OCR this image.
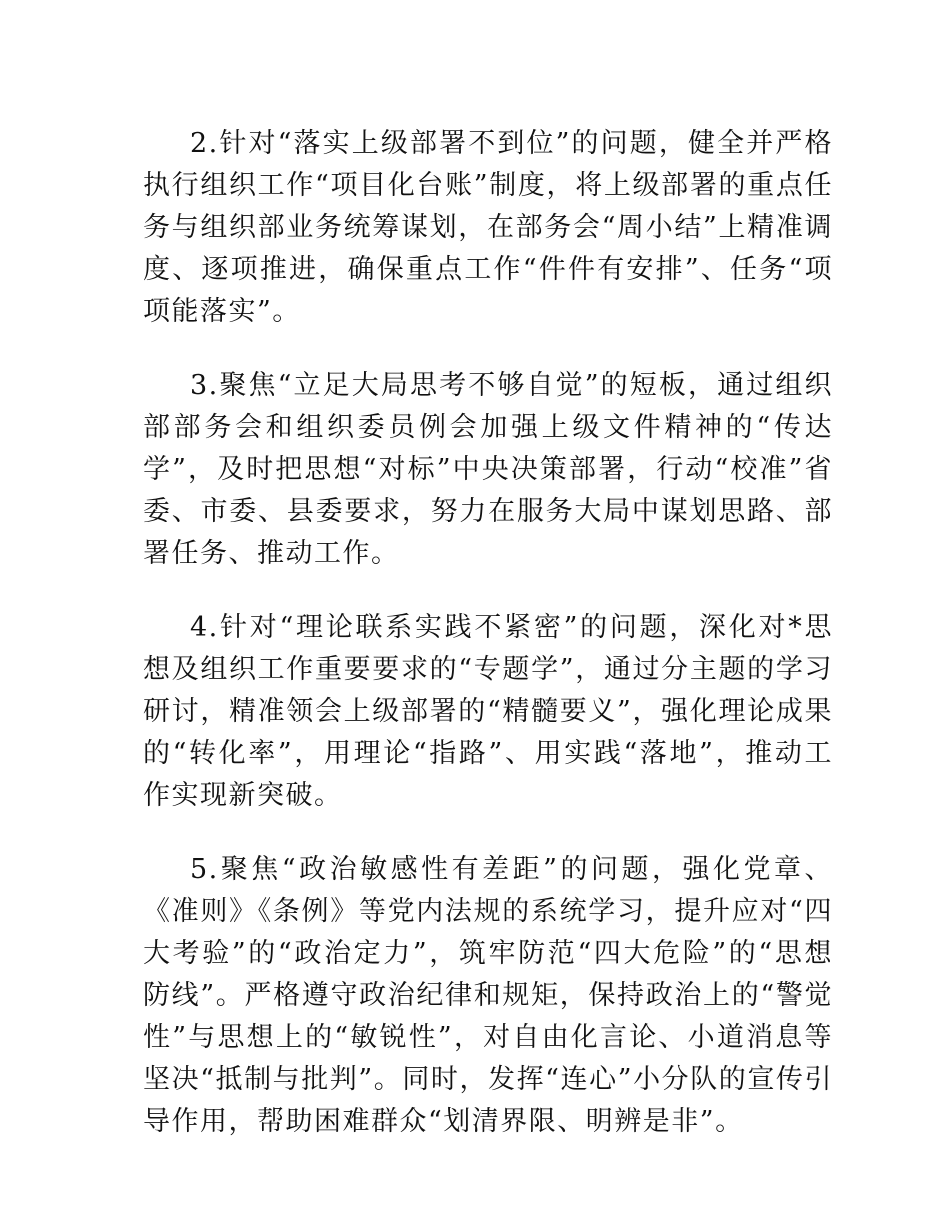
2.针对“落实上级部署不到位”的问题，健全并严格执行组织工作“项目化台账”制度，将上级部署的重点任务与组织部业务统筹谋划，在部务会“周小结”上精准调度、逐项推进，确保重点工作“件件有安排”、任务“项项能落实”。

3.聚焦“立足大局思考不够自觉”的短板，通过组织部部务会和组织委员例会加强上级文件精神的“传达学”，及时把思想“对标”中央决策部署，行动“校准”省委、市委、县委要求，努力在服务大局中谋划思路、部署任务、推动工作。

4.针对“理论联系实践不紧密”的问题，深化对*思想及组织工作重要要求的“专题学”，通过分主题的学习研讨，精准领会上级部署的“精髓要义”，强化理论成果的“转化率”，用理论“指路”、用实践“落地”，推动工作实现新突破。

5.聚焦“政治敏感性有差距”的问题，强化党章、《准则》《条例》等党内法规的系统学习，提升应对“四大考验”的“政治定力”，筑牢防范“四大危险”的“思想防线”。严格遵守政治纪律和规矩，保持政治上的“警觉性”与思想上的“敏锐性”，对自由化言论、小道消息等坚决“抵制与批判”。同时，发挥“连心”小分队的宣传引导作用，帮助困难群众“划清界限、明辨是非”。
